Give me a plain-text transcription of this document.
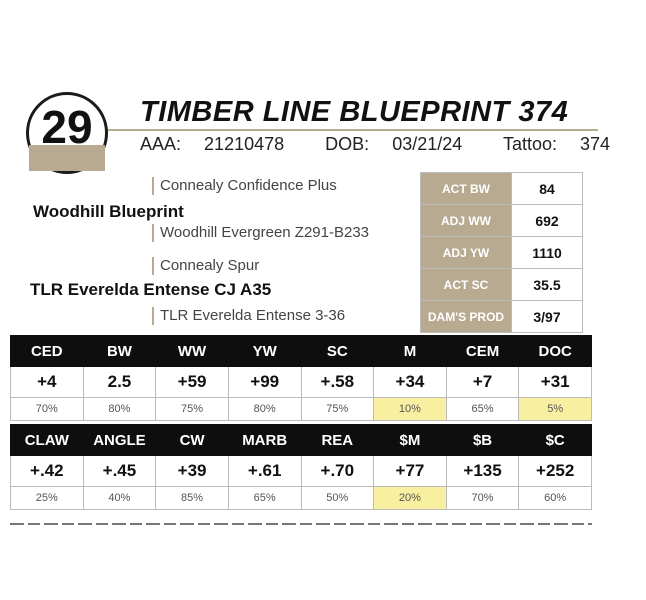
29	TIMBER LINE BLUEPRINT 374
AAA: 21210478 DOB: 03/21/24 Tattoo: 374
Connealy Confidence Plus
Woodhill Blueprint
Woodhill Evergreen Z291-B233
Connealy Spur
TLR Everelda Entense CJ A35
TLR Everelda Entense 3-36
ACT BW	84
ADJ WW	692
ADJ YW	1110
ACT SC	35.5
DAM'S PROD	3/97
CED	BW	WW	YW	SC	M	CEM	DOC
+4	2.5	+59	+99	+.58	+34	+7	+31
70%	80%	75%	80%	75%	10%	65%	5%
CLAW	ANGLE	CW	MARB	REA	$M	$B	$C
+.42	+.45	+39	+.61	+.70	+77	+135	+252
25%	40%	85%	65%	50%	20%	70%	60%
